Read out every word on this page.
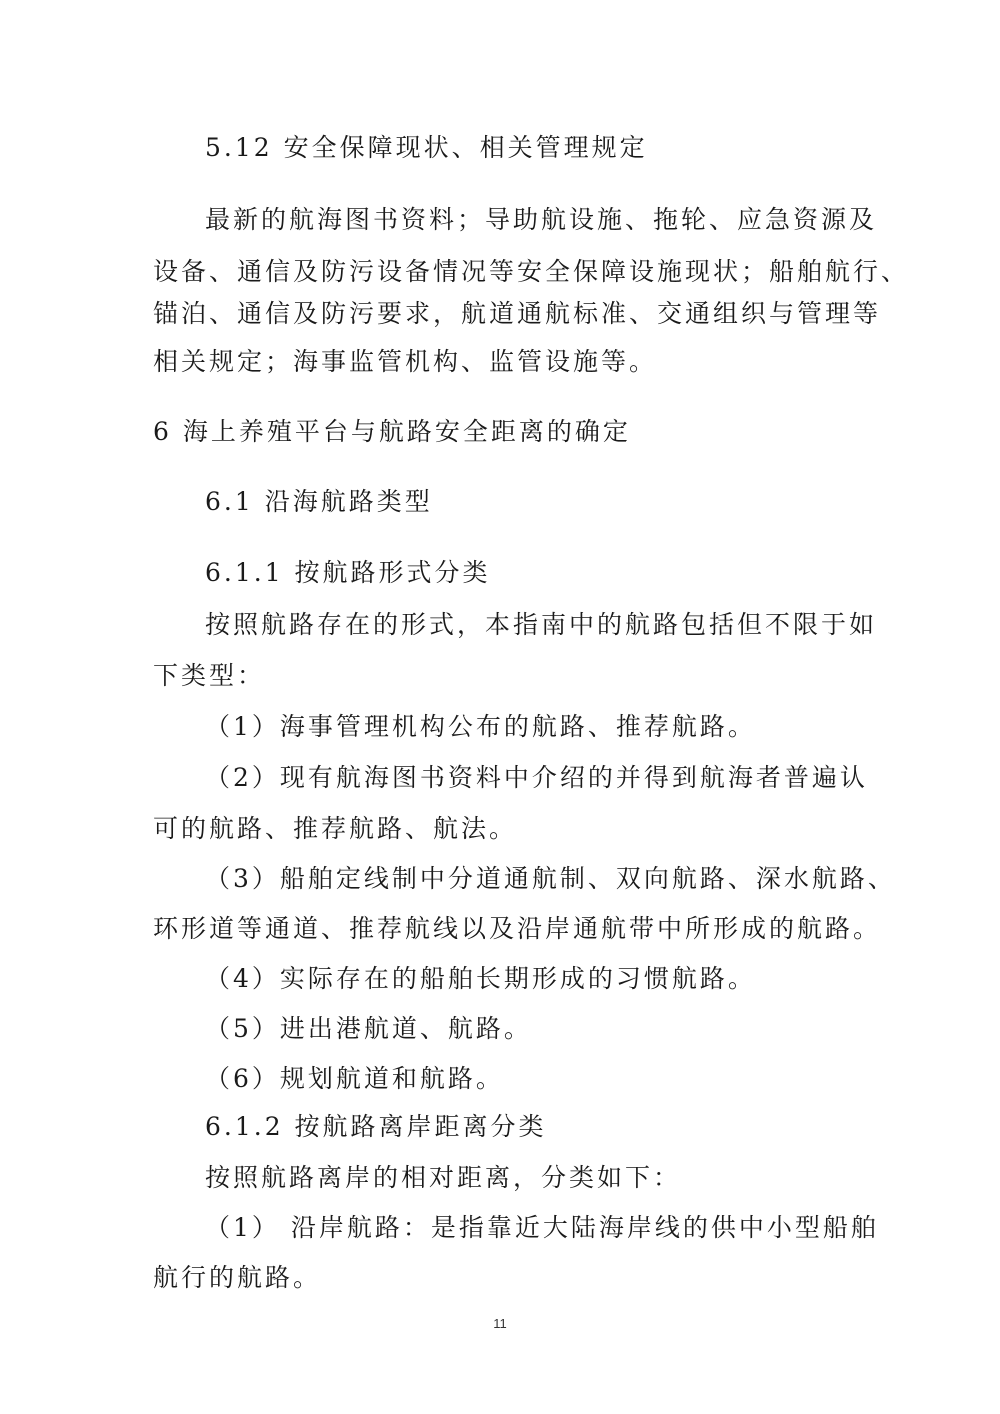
5.12 安全保障现状、相关管理规定
最新的航海图书资料；导助航设施、拖轮、应急资源及
设备、通信及防污设备情况等安全保障设施现状；船舶航行、
锚泊、通信及防污要求，航道通航标准、交通组织与管理等
相关规定；海事监管机构、监管设施等。
6 海上养殖平台与航路安全距离的确定
6.1 沿海航路类型
6.1.1 按航路形式分类
按照航路存在的形式，本指南中的航路包括但不限于如
下类型：
（1）海事管理机构公布的航路、推荐航路。
（2）现有航海图书资料中介绍的并得到航海者普遍认
可的航路、推荐航路、航法。
（3）船舶定线制中分道通航制、双向航路、深水航路、
环形道等通道、推荐航线以及沿岸通航带中所形成的航路。
（4）实际存在的船舶长期形成的习惯航路。
（5）进出港航道、航路。
（6）规划航道和航路。
6.1.2 按航路离岸距离分类
按照航路离岸的相对距离，分类如下：
（1） 沿岸航路：是指靠近大陆海岸线的供中小型船舶
航行的航路。
11
